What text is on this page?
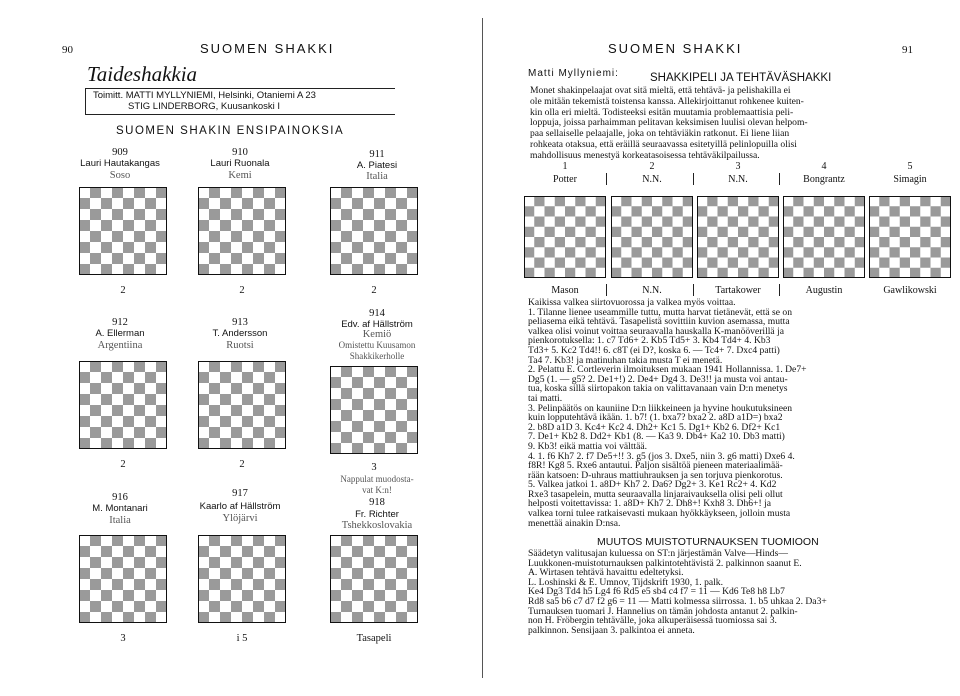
90	SUOMEN SHAKKI
Taideshakkia
Toimitt. MATTI MYLLYNIEMI, Helsinki, Otaniemi A 23
STIG LINDERBORG, Kuusankoski I
SUOMEN SHAKIN ENSIPAINOKSIA
909
Lauri Hautakangas
Soso
910
Lauri Ruonala
Kemi
911
A. Piatesi
Italia
2	2	2
912
A. Ellerman
Argentiina
913
T. Andersson
Ruotsi
914
Edv. af Hällström
Kemiö
Omistettu Kuusamon
Shakkikerholle
2	2	3
Nappulat muodosta-
vat K:n!
916
M. Montanari
Italia
917
Kaarlo af Hällström
Ylöjärvi
918
Fr. Richter
Tshekkoslovakia
3	i 5	Tasapeli
SUOMEN SHAKKI	91
Matti Myllyniemi:	SHAKKIPELI JA TEHTÄVÄSHAKKI
Monet shakinpelaajat ovat sitä mieltä, että tehtävä- ja pelishakilla ei
ole mitään tekemistä toistensa kanssa. Allekirjoittanut rohkenee kuiten-
kin olla eri mieltä. Todisteeksi esitän muutamia problemaattisia peli-
loppuja, joissa parhaimman pelitavan keksimisen luulisi olevan helpom-
paa sellaiselle pelaajalle, joka on tehtäviäkin ratkonut. Ei liene liian
rohkeata otaksua, että eräillä seuraavassa esitetyillä pelinlopuilla olisi
mahdollisuus menestyä korkeatasoisessa tehtäväkilpailussa.
1	2	3	4	5
Potter	N.N.	N.N.	Bongrantz	Simagin
Mason	N.N.	Tartakower	Augustin	Gawlikowski
Kaikissa valkea siirtovuorossa ja valkea myös voittaa.
1. Tilanne lienee useammille tuttu, mutta harvat tietänevät, että se on
peliasema eikä tehtävä. Tasapelistä sovittiin kuvion asemassa, mutta
valkea olisi voinut voittaa seuraavalla hauskalla K-manööverillä ja
pienkorotuksella: 1. c7 Td6+ 2. Kb5 Td5+ 3. Kb4 Td4+ 4. Kb3
Td3+ 5. Kc2 Td4!! 6. c8T (ei D?, koska 6. — Tc4+ 7. Dxc4 patti)
Ta4 7. Kb3! ja matinuhan takia musta T ei menetä.
2. Pelattu E. Cortleverin ilmoituksen mukaan 1941 Hollannissa. 1. De7+
Dg5 (1. — g5? 2. De1+!) 2. De4+ Dg4 3. De3!! ja musta voi antau-
tua, koska sillä siirtopakon takia on valittavanaan vain D:n menetys
tai matti.
3. Pelinpäätös on kauniine D:n liikkeineen ja hyvine houkutuksineen
kuin lopputehtävä ikään. 1. b7! (1. bxa7? bxa2 2. a8D a1D=) bxa2
2. b8D a1D 3. Kc4+ Kc2 4. Dh2+ Kc1 5. Dg1+ Kb2 6. Df2+ Kc1
7. De1+ Kb2 8. Dd2+ Kb1 (8. — Ka3 9. Db4+ Ka2 10. Db3 matti)
9. Kb3! eikä mattia voi välttää.
4. 1. f6 Kh7 2. f7 De5+!! 3. g5 (jos 3. Dxe5, niin 3. g6 matti) Dxe6 4.
f8R! Kg8 5. Rxe6 antautui. Paljon sisältöä pieneen materiaalimää-
rään katsoen: D-uhraus mattiuhrauksen ja sen torjuva pienkorotus.
5. Valkea jatkoi 1. a8D+ Kh7 2. Da6? Dg2+ 3. Ke1 Rc2+ 4. Kd2
Rxe3 tasapelein, mutta seuraavalla linjaraivauksella olisi peli ollut
helposti voitettavissa: 1. a8D+ Kh7 2. Dh8+! Kxh8 3. Dh6+! ja
valkea torni tulee ratkaisevasti mukaan hyökkäykseen, jolloin musta
menettää ainakin D:nsa.
MUUTOS MUISTOTURNAUKSEN TUOMIOON
Säädetyn valitusajan kuluessa on ST:n järjestämän Valve—Hinds—
Luukkonen-muistoturnauksen palkintotehtävistä 2. palkinnon saanut E.
A. Wirtasen tehtävä havaittu edeltetyksi.
L. Loshinski & E. Umnov, Tijdskrift 1930, 1. palk.
Ke4 Dg3 Td4 h5 Lg4 f6 Rd5 e5 sb4 c4 f7 = 11 — Kd6 Te8 h8 Lb7
Rd8 sa5 b6 c7 d7 f2 g6 = 11 — Matti kolmessa siirrossa. 1. b5 uhkaa 2. Da3+
Turnauksen tuomari J. Hannelius on tämän johdosta antanut 2. palkin-
non H. Fröbergin tehtävälle, joka alkuperäisessä tuomiossa sai 3.
palkinnon. Sensijaan 3. palkintoa ei anneta.
